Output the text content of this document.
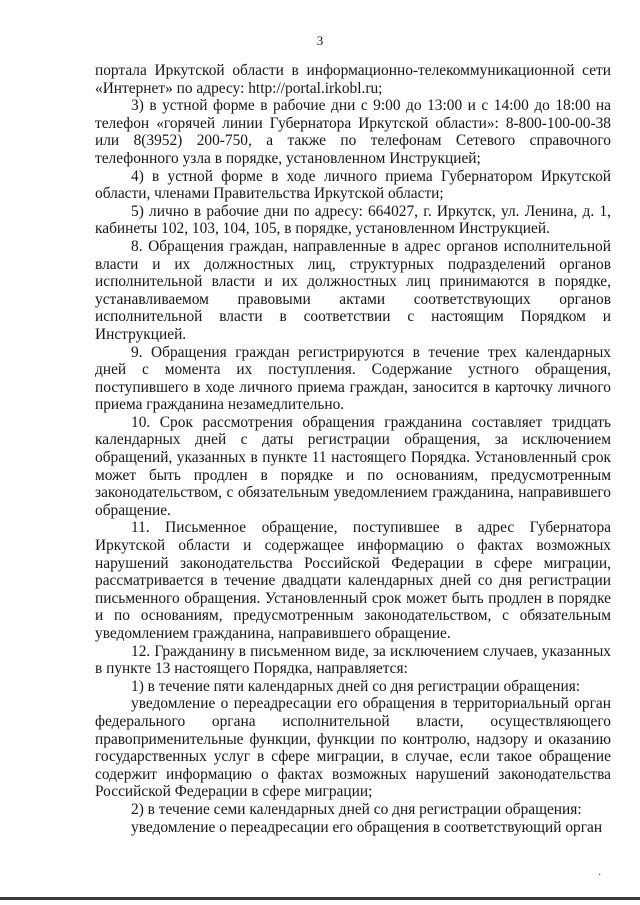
3

портала Иркутской области в информационно-телекоммуникационной сети «Интернет» по адресу: http://portal.irkobl.ru;

3) в устной форме в рабочие дни с 9:00 до 13:00 и с 14:00 до 18:00 на телефон «горячей линии Губернатора Иркутской области»: 8-800-100-00-38 или 8(3952) 200-750, а также по телефонам Сетевого справочного телефонного узла в порядке, установленном Инструкцией;

4) в устной форме в ходе личного приема Губернатором Иркутской области, членами Правительства Иркутской области;

5) лично в рабочие дни по адресу: 664027, г. Иркутск, ул. Ленина, д. 1, кабинеты 102, 103, 104, 105, в порядке, установленном Инструкцией.

8. Обращения граждан, направленные в адрес органов исполнительной власти и их должностных лиц, структурных подразделений органов исполнительной власти и их должностных лиц принимаются в порядке, устанавливаемом правовыми актами соответствующих органов исполнительной власти в соответствии с настоящим Порядком и Инструкцией.

9. Обращения граждан регистрируются в течение трех календарных дней с момента их поступления. Содержание устного обращения, поступившего в ходе личного приема граждан, заносится в карточку личного приема гражданина незамедлительно.

10. Срок рассмотрения обращения гражданина составляет тридцать календарных дней с даты регистрации обращения, за исключением обращений, указанных в пункте 11 настоящего Порядка. Установленный срок может быть продлен в порядке и по основаниям, предусмотренным законодательством, с обязательным уведомлением гражданина, направившего обращение.

11. Письменное обращение, поступившее в адрес Губернатора Иркутской области и содержащее информацию о фактах возможных нарушений законодательства Российской Федерации в сфере миграции, рассматривается в течение двадцати календарных дней со дня регистрации письменного обращения. Установленный срок может быть продлен в порядке и по основаниям, предусмотренным законодательством, с обязательным уведомлением гражданина, направившего обращение.

12. Гражданину в письменном виде, за исключением случаев, указанных в пункте 13 настоящего Порядка, направляется:

1) в течение пяти календарных дней со дня регистрации обращения:

уведомление о переадресации его обращения в территориальный орган федерального органа исполнительной власти, осуществляющего правоприменительные функции, функции по контролю, надзору и оказанию государственных услуг в сфере миграции, в случае, если такое обращение содержит информацию о фактах возможных нарушений законодательства Российской Федерации в сфере миграции;

2) в течение семи календарных дней со дня регистрации обращения:

уведомление о переадресации его обращения в соответствующий орган

·
